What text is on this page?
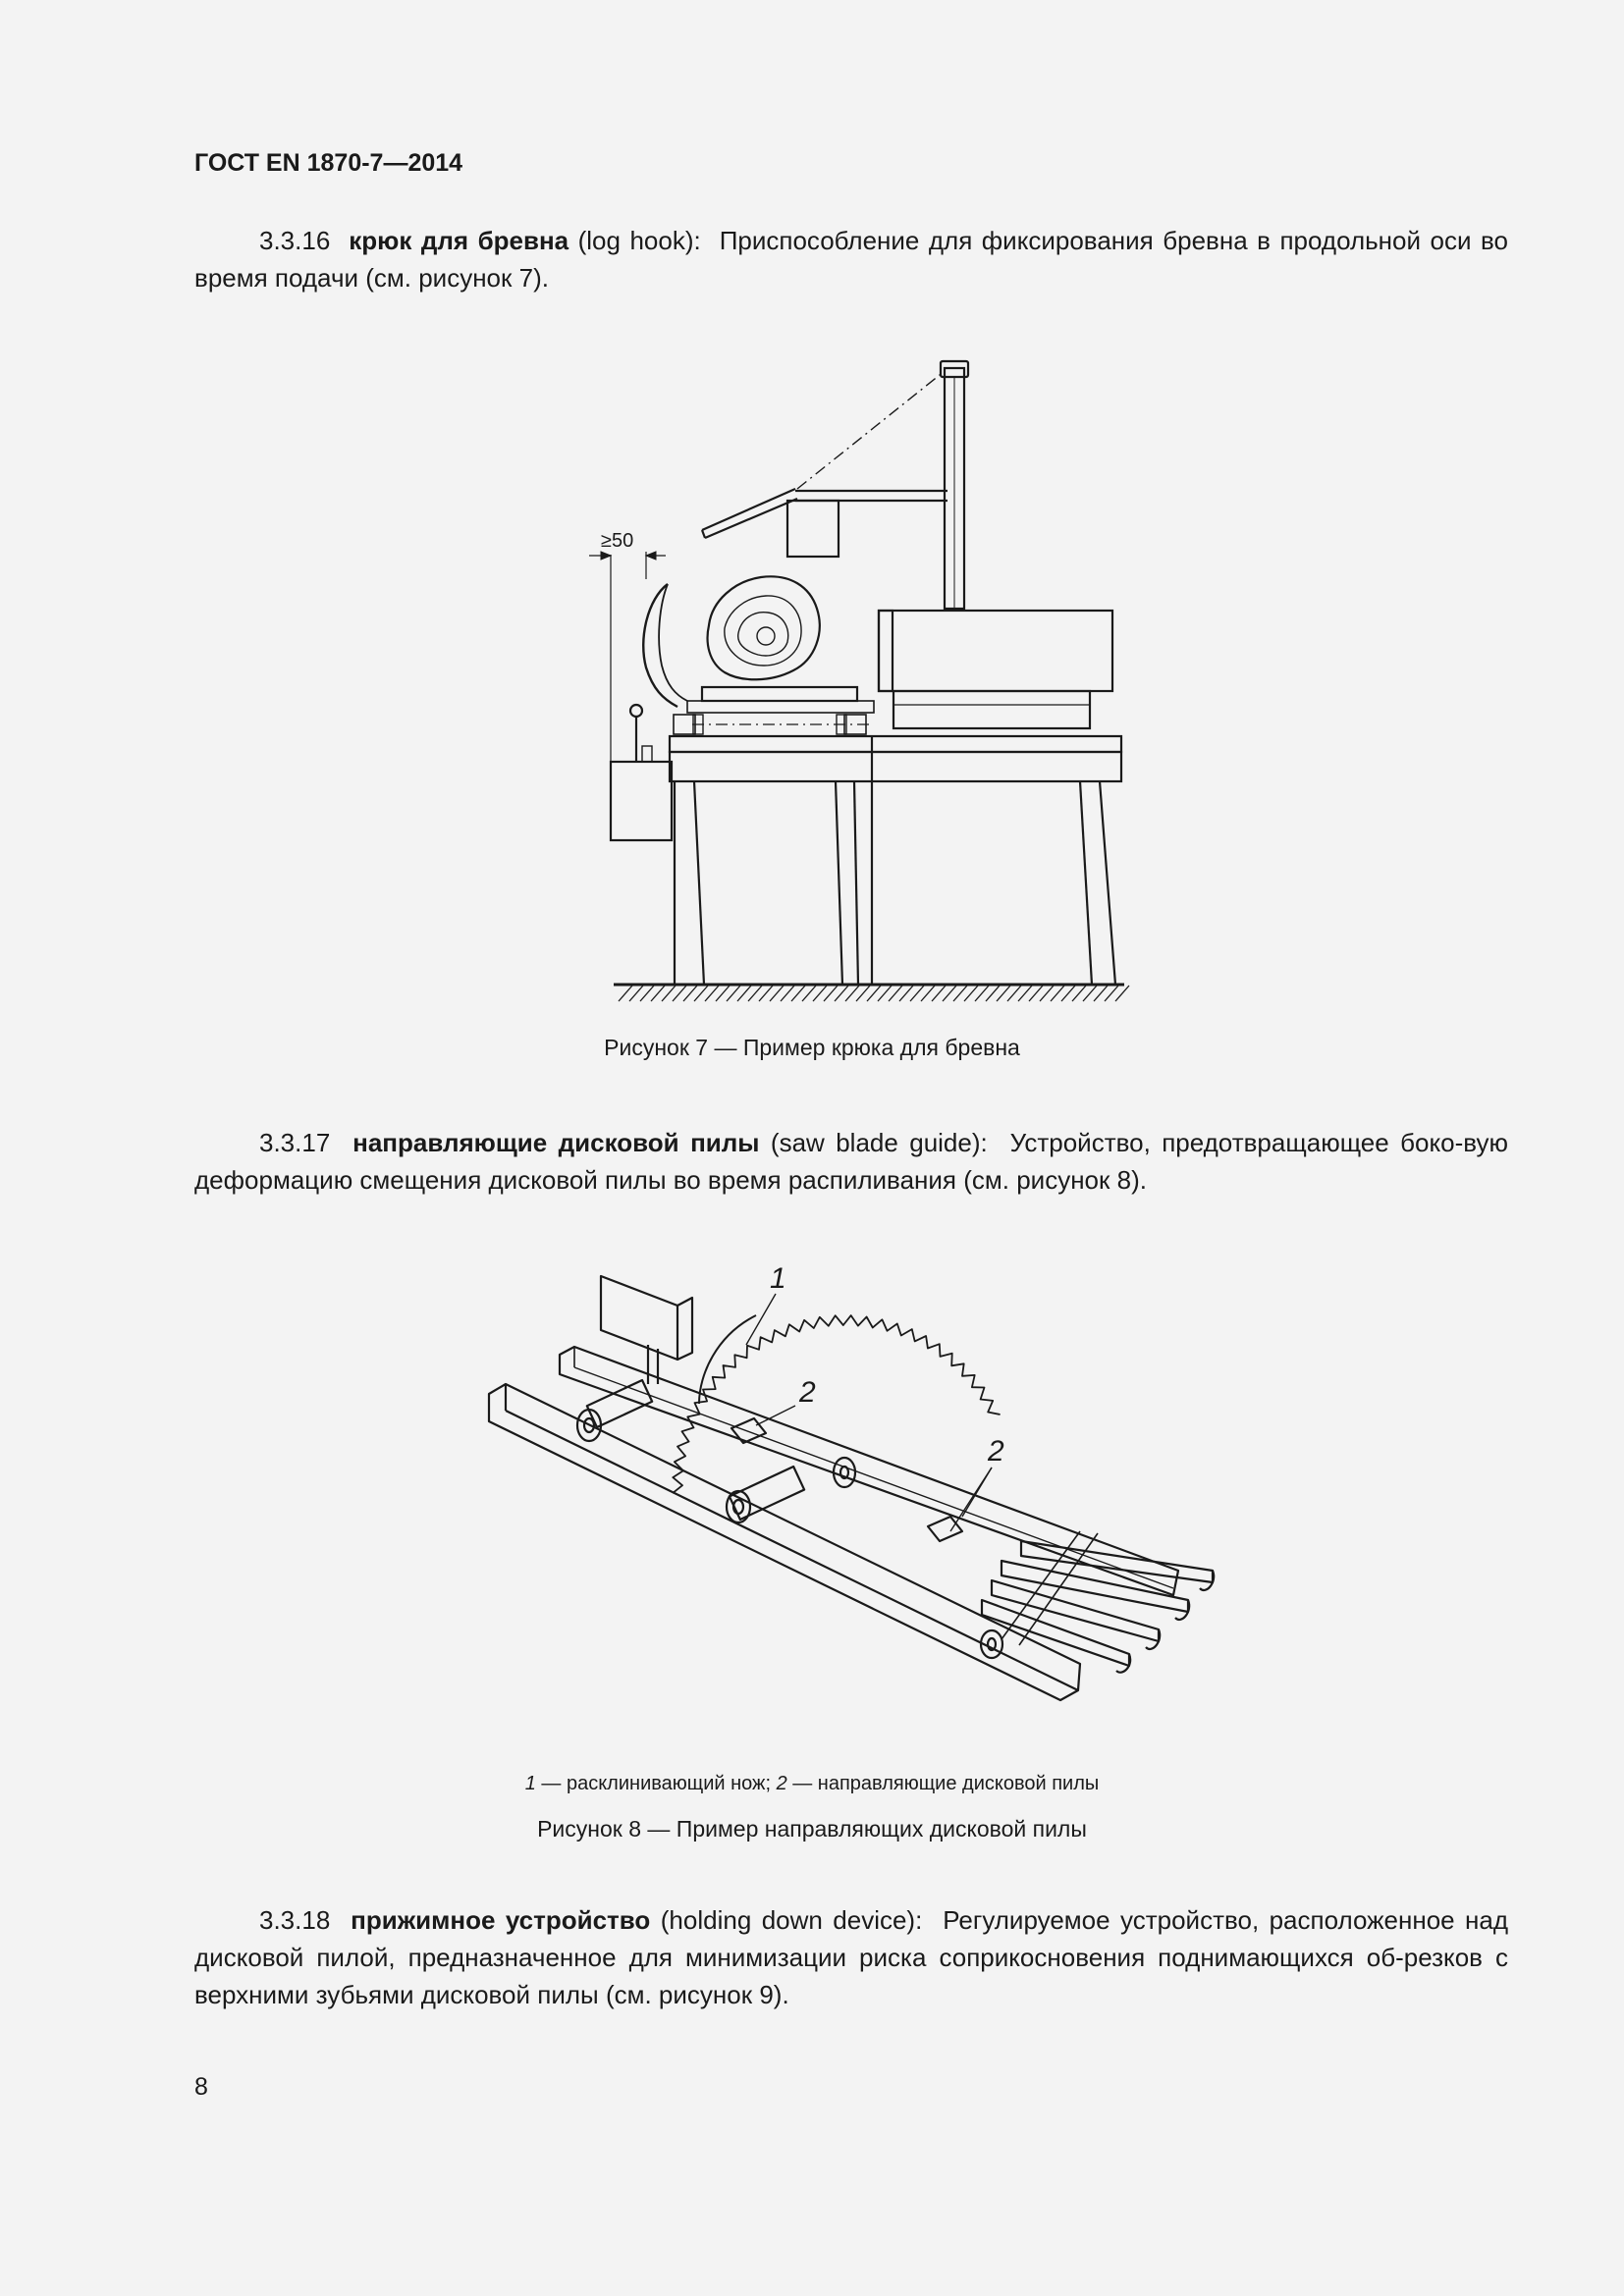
ГОСТ EN 1870-7—2014
3.3.16 крюк для бревна (log hook): Приспособление для фиксирования бревна в продольной оси во время подачи (см. рисунок 7).
≥50
Рисунок 7 — Пример крюка для бревна
3.3.17 направляющие дисковой пилы (saw blade guide): Устройство, предотвращающее боко-вую деформацию смещения дисковой пилы во время распиливания (см. рисунок 8).
1
2
2
1 — расклинивающий нож; 2 — направляющие дисковой пилы
Рисунок 8 — Пример направляющих дисковой пилы
3.3.18 прижимное устройство (holding down device): Регулируемое устройство, расположенное над дисковой пилой, предназначенное для минимизации риска соприкосновения поднимающихся об-резков с верхними зубьями дисковой пилы (см. рисунок 9).
8
